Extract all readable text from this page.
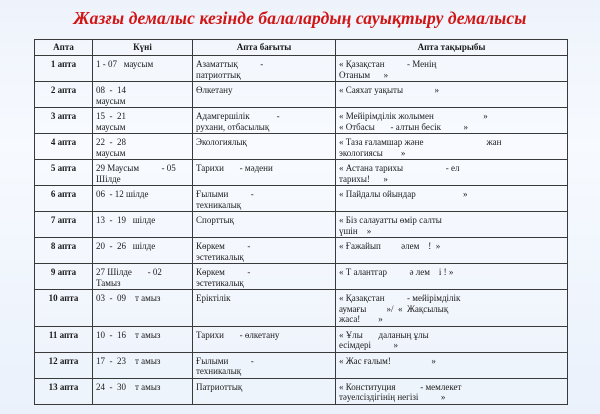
Жазғы демалыс кезінде балалардың сауықтыру демалысы
Апта	Күні	Апта бағыты	Апта тақырыбы
1 апта	1 - 07   маусым	Азаматтық          -
патриоттық	« Қазақстан          - Менің
Отаным      »

2 апта	08  -  14
маусым	Өлкетану	« Саяхат уақыты              »

3 апта	15  -  21
маусым	Адамгершілік            -
рухани, отбасылық	« Мейірімділік жолымен                      »
« Отбасы       - алтын бесік          »

4 апта	22  -  28
маусым	Экологиялық	« Таза ғаламшар және                            жан
экологиясы        »

5 апта	29 Маусым          - 05
Шілде	Тарихи       - мәдени	« Астана тарихы                   - ел
тарихы!      »

6 апта	06  - 12 шілде	Ғылыми          -
техникалық	« Пайдалы ойындар                     »

7 апта	13  -  19   шілде	Спорттық	« Біз салауатты өмір салты
үшін    »

8 апта	20  -  26   шілде	Көркем          -
эстетикалық	« Ғажайып         әлем    !  »

9 апта	27 Шілде       - 02
Тамыз	Көркем          -
эстетикалық	« Т алантгар          ә лем    і ! »

10 апта	03  -  09    т амыз	Еріктілік	« Қазақстан          - мейірімділік
аумағы         »/  «  Жақсылық
жаса!        »

11 апта	10  -  16    т амыз	Тарихи       - өлкетану	« Ұлы       даланың ұлы
есімдері          »

12 апта	17  -  23    т амыз	Ғылыми          -
техникалық	« Жас ғалым!                  »

13 апта	24  -  30    т амыз	Патриоттық	« Конституция           - мемлекет
тәуелсіздігінің негізі          »
